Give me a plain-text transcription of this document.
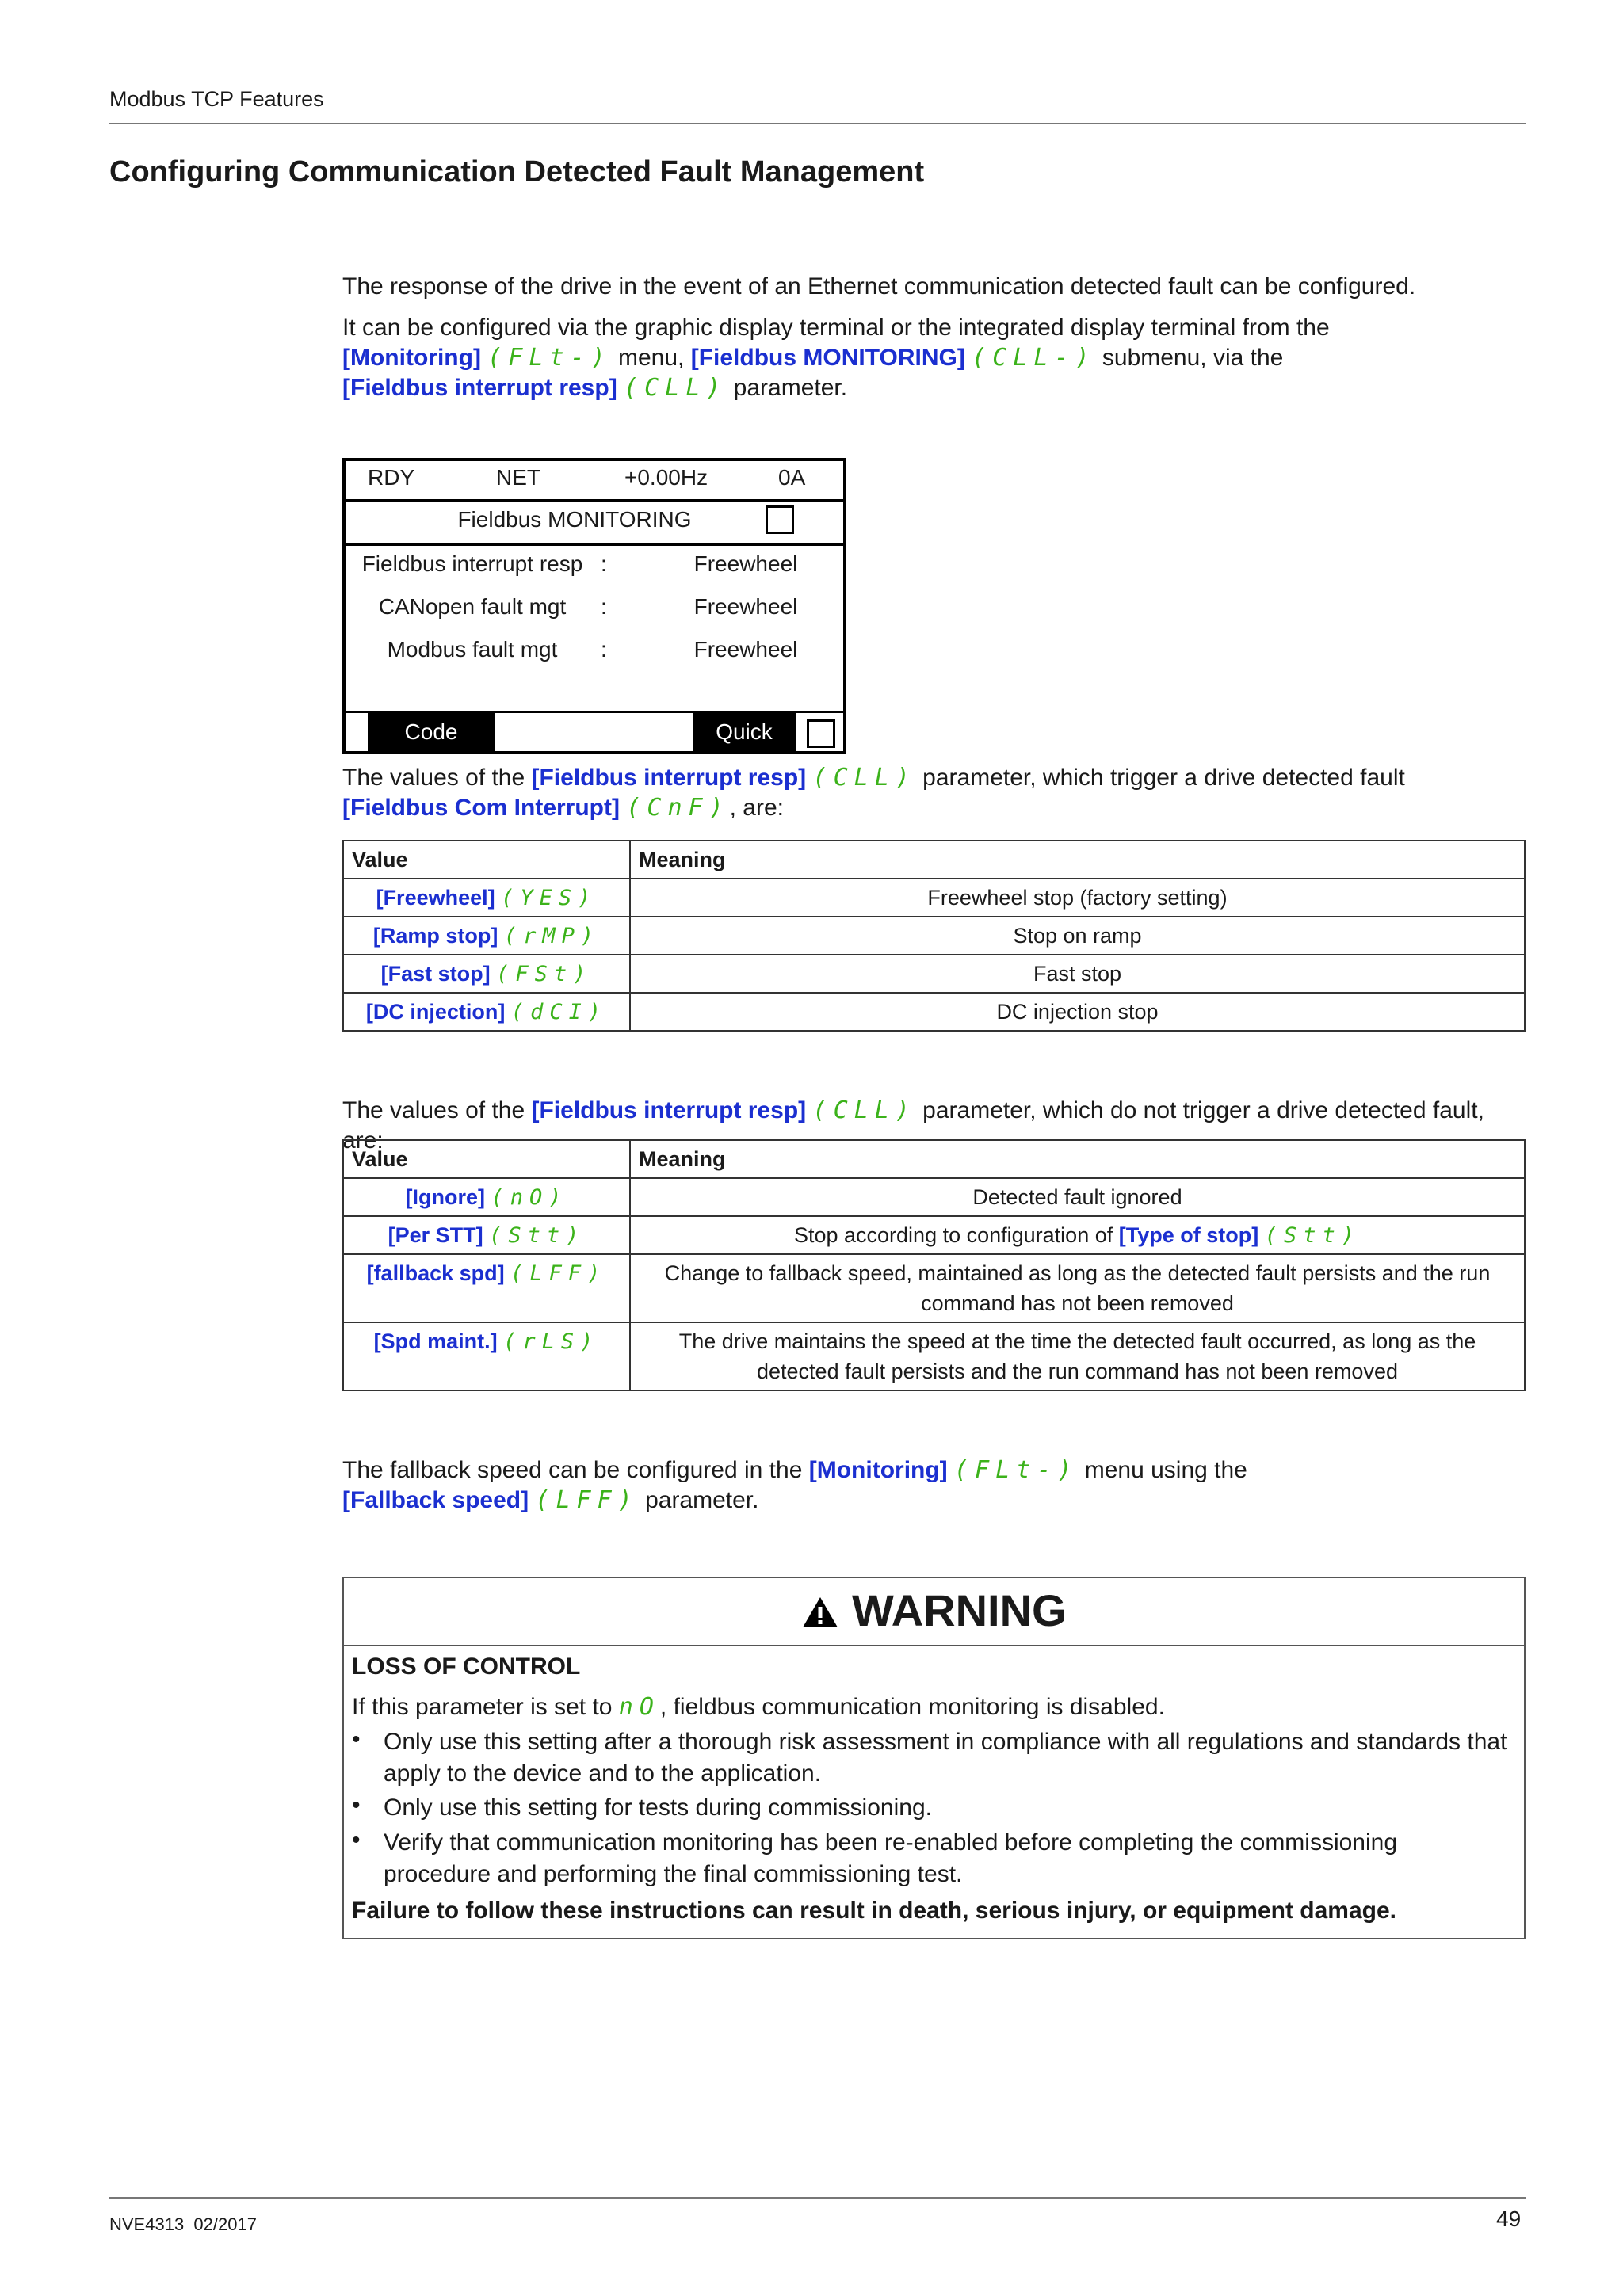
Modbus TCP Features
Configuring Communication Detected Fault Management
The response of the drive in the event of an Ethernet communication detected fault can be configured.
It can be configured via the graphic display terminal or the integrated display terminal from the
[Monitoring] (FLt-) menu, [Fieldbus MONITORING] (CLL-) submenu, via the
[Fieldbus interrupt resp] (CLL) parameter.
RDY	NET	+0.00Hz	0A
Fieldbus MONITORING
Fieldbus interrupt resp :	Freewheel
CANopen fault mgt	:	Freewheel
Modbus fault mgt	:	Freewheel
Code	Quick
The values of the [Fieldbus interrupt resp] (CLL) parameter, which trigger a drive detected fault
[Fieldbus Com Interrupt] (CnF), are:
Value	Meaning
[Freewheel] (YES)	Freewheel stop (factory setting)
[Ramp stop] (rMP)	Stop on ramp
[Fast stop] (FSt)	Fast stop
[DC injection] (dCI)	DC injection stop
The values of the [Fieldbus interrupt resp] (CLL) parameter, which do not trigger a drive detected fault, are:
Value	Meaning
[Ignore] (nO)	Detected fault ignored
[Per STT] (Stt)	Stop according to configuration of [Type of stop] (Stt)
[fallback spd] (LFF)	Change to fallback speed, maintained as long as the detected fault persists and the run command has not been removed
[Spd maint.] (rLS)	The drive maintains the speed at the time the detected fault occurred, as long as the detected fault persists and the run command has not been removed
The fallback speed can be configured in the [Monitoring] (FLt-) menu using the
[Fallback speed] (LFF) parameter.
WARNING
LOSS OF CONTROL
If this parameter is set to nO, fieldbus communication monitoring is disabled.
• Only use this setting after a thorough risk assessment in compliance with all regulations and standards that apply to the device and to the application.
• Only use this setting for tests during commissioning.
• Verify that communication monitoring has been re-enabled before completing the commissioning procedure and performing the final commissioning test.
Failure to follow these instructions can result in death, serious injury, or equipment damage.
NVE4313  02/2017	49
